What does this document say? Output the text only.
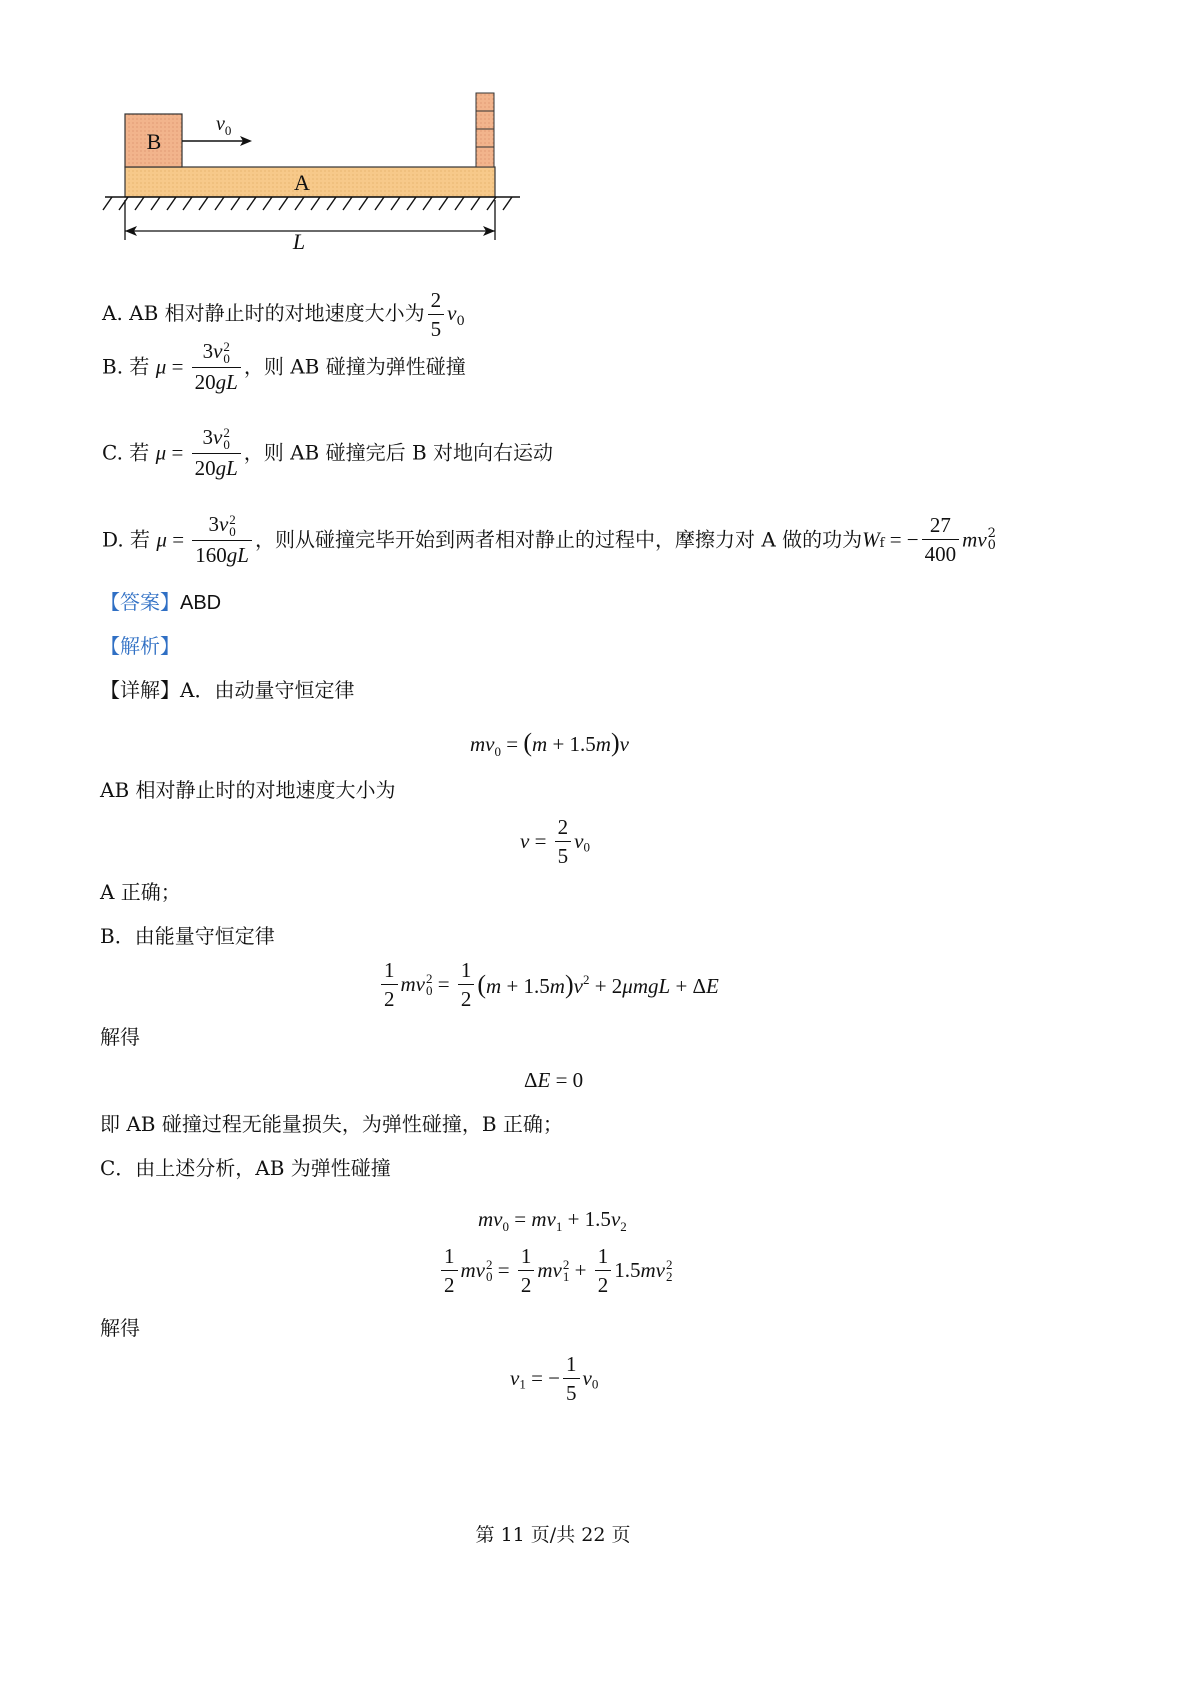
B
A
$v_0$
L
A. AB 相对静止时的对地速度大小为 $\frac{2}{5} v_0$
B. 若 μ = 3v 2
0
20gL ，则 AB 碰撞为弹性碰撞
C. 若 μ = 3v 2
0
20gL ，则 AB 碰撞完后 B 对地向右运动
D. 若 μ = 3v 2
0
160gL ，则从碰撞完毕开始到两者相对静止的过程中，摩擦力对 A 做的功为Wf = − $\frac{27}{400}$ mv 2
0
【答案】ABD
【解析】
【详解】A．由动量守恒定律
$mv_0 = (m + 1.5m)v$
AB 相对静止时的对地速度大小为
$v = \frac{2}{5} v_0$
A 正确；
B．由能量守恒定律
$\frac{1}{2}$ mv 2
$0 = \frac{1}{2} (m + 1.5m)v^2 + 2\mu mgL + \Delta E$
解得
ΔE = 0
即 AB 碰撞过程无能量损失，为弹性碰撞，B 正确；
C．由上述分析，AB 为弹性碰撞
$mv_0 = mv_1 + 1.5v_2$
$\frac{1}{2}$ mv 2
$0 = \frac{1}{2}$ mv 2
$1 + \frac{1}{2} 1.5mv$ 2
2
解得
$v_1$ = − $\frac{1}{5} v_0$
第 11 页/共 22 页
